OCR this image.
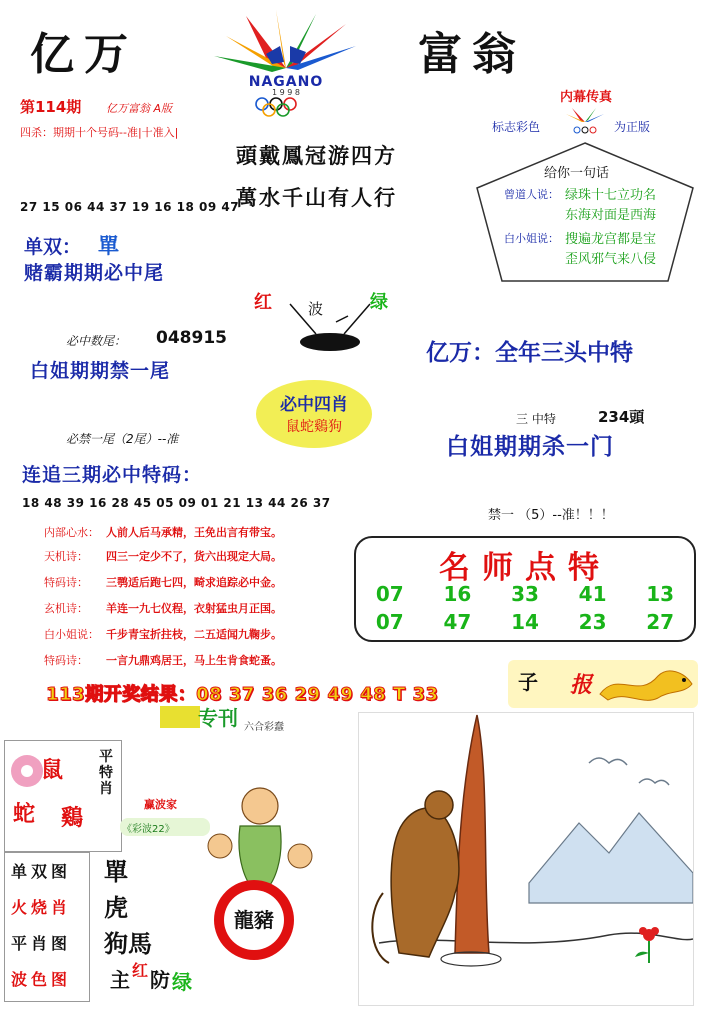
亿万	富翁
NAGANO
1 9 9 8
第114期 亿万富翁 A版
四杀：期期十个号码--准|十准入|
頭戴鳳冠游四方
萬水千山有人行
内幕传真
标志彩色	为正版
给你一句话
曾道人说： 绿珠十七立功名
东海对面是西海
白小姐说： 搜遍龙宫都是宝
歪风邪气来八侵
27 15 06 44 37 19 16 18 09 47
单双： 單
赌霸期期必中尾
红 波	绿
必中数尾： 048915
白姐期期禁一尾
亿万：全年三头中特
必中四肖
鼠蛇鷄狗	三 中特	234頭
必禁一尾（2尾）--准	白姐期期杀一门
连追三期必中特码：
18 48 39 16 28 45 05 09 01 21 13 44 26 37
禁一 （5）--准！！！
内部心水： 人前人后马承精，王免出言有带宝。
天机诗： 四三一定少不了，货六出现定大局。
特码诗： 三鹗适后跑七四，畸求追踪必中金。
玄机诗： 羊连一九七仪程，衣射猛虫月正国。
白小姐说： 千步青宝折拄枝，二五适闻九鞠步。
特码诗： 一言九鼎鸡居王，马上生肯食蛇蚤。
名师点特
07 16 33 41 13
07 47 14 23 27
113期开奖结果：08 37 36 29 49 48 T 33
子 报
专刊 六合彩蠢
鼠
蛇 鷄
平特肖
赢波家
《彩波22》
单双图
火烧肖
平肖图
波色图
單
虎
狗馬
龍豬
主 红 防 绿
